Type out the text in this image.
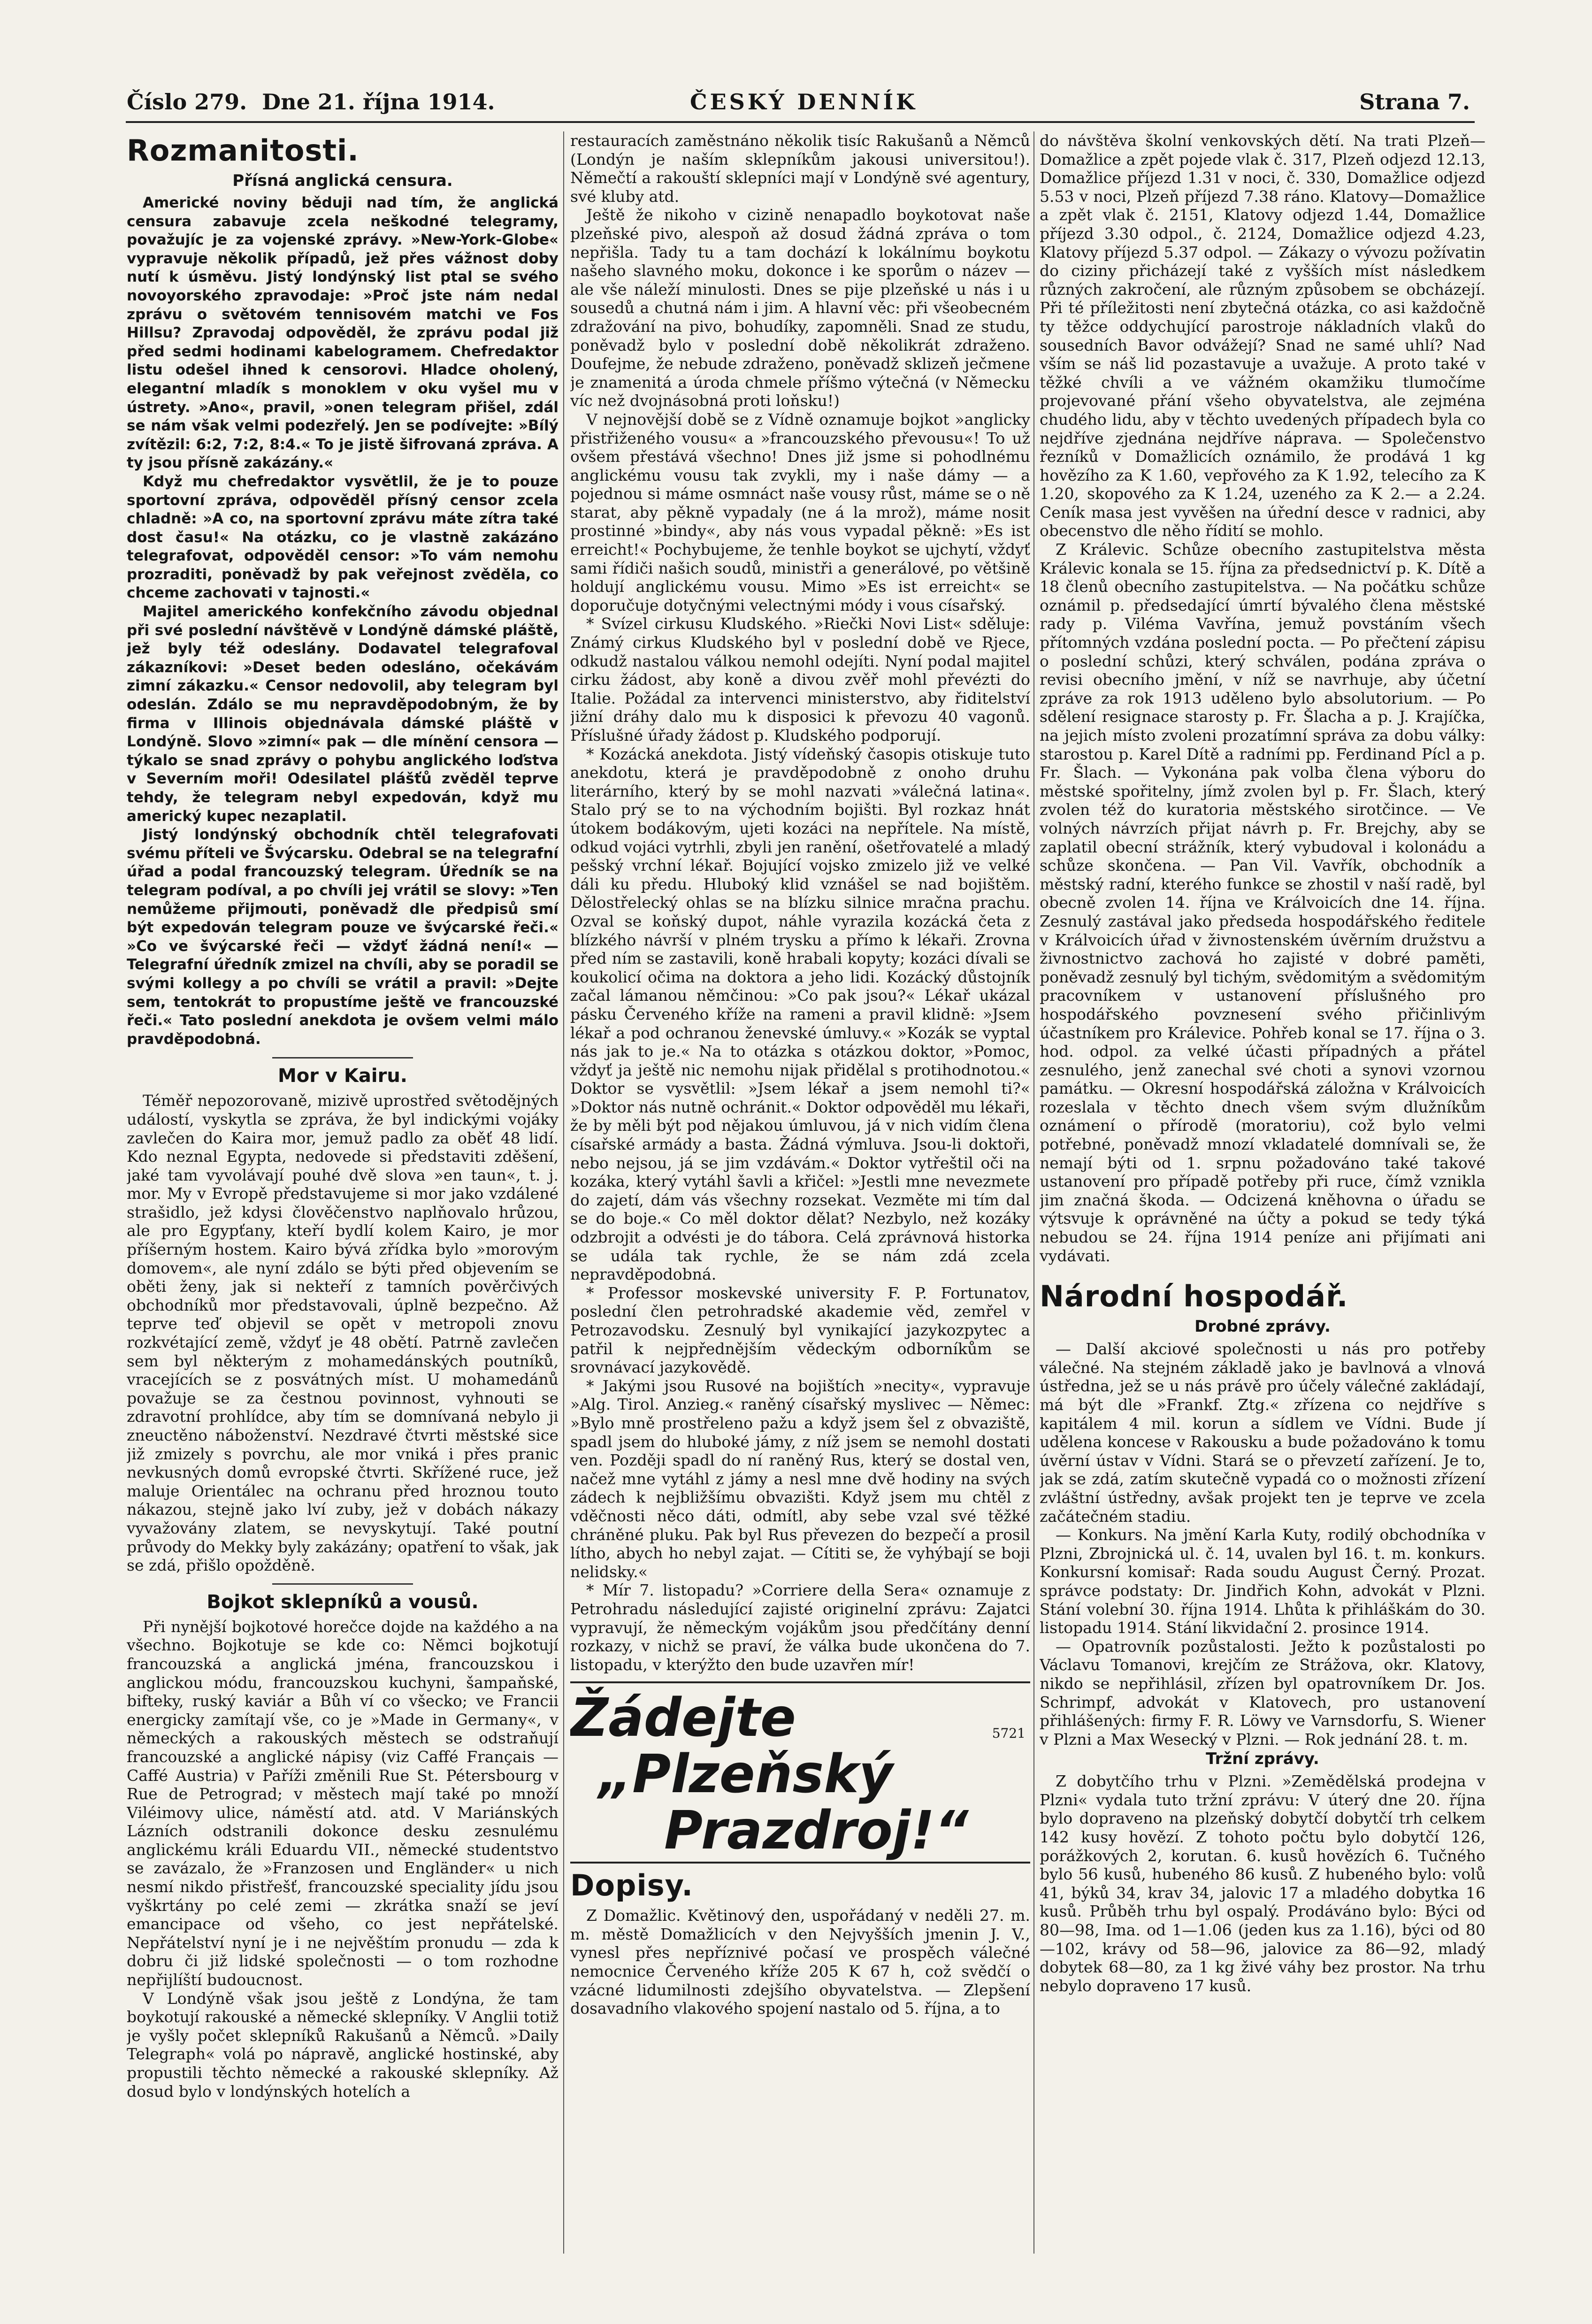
Číslo 279. Dne 21. října 1914.	ČESKÝ DENNÍK	Strana 7.
Rozmanitosti.
Přísná anglická censura.

Americké noviny běduji nad tím, že anglická censura zabavuje zcela neškodné telegramy, považujíc je za vojenské zprávy. »New-York-Globe« vypravuje několik případů, jež přes vážnost doby nutí k úsměvu. Jistý londýnský list ptal se svého novoyorského zpravodaje: »Proč jste nám nedal zprávu o světovém tennisovém matchi ve Fos Hillsu? Zpravodaj odpověděl, že zprávu podal již před sedmi hodinami kabelogramem. Chefredaktor listu odešel ihned k censorovi. Hladce oholený, elegantní mladík s monoklem v oku vyšel mu v ústrety. »Ano«, pravil, »onen telegram přišel, zdál se nám však velmi podezřelý. Jen se podívejte: »Bílý zvítězil: 6:2, 7:2, 8:4.« To je jistě šifrovaná zpráva. A ty jsou přísně zakázány.«

Když mu chefredaktor vysvětlil, že je to pouze sportovní zpráva, odpověděl přísný censor zcela chladně: »A co, na sportovní zprávu máte zítra také dost času!« Na otázku, co je vlastně zakázáno telegrafovat, odpověděl censor: »To vám nemohu prozraditi, poněvadž by pak veřejnost zvěděla, co chceme zachovati v tajnosti.«

Majitel amerického konfekčního závodu objednal při své poslední návštěvě v Londýně dámské pláště, jež byly též odeslány. Dodavatel telegrafoval zákazníkovi: »Deset beden odesláno, očekávám zimní zákazku.« Censor nedovolil, aby telegram byl odeslán. Zdálo se mu nepravděpodobným, že by firma v Illinois objednávala dámské pláště v Londýně. Slovo »zimní« pak — dle mínění censora — týkalo se snad zprávy o pohybu anglického loďstva v Severním moři! Odesilatel plášťů zvěděl teprve tehdy, že telegram nebyl expedován, když mu americký kupec nezaplatil.

Jistý londýnský obchodník chtěl telegrafovati svému příteli ve Švýcarsku. Odebral se na telegrafní úřad a podal francouzský telegram. Úředník se na telegram podíval, a po chvíli jej vrátil se slovy: »Ten nemůžeme přijmouti, poněvadž dle předpisů smí být expedován telegram pouze ve švýcarské řeči.« »Co ve švýcarské řeči — vždyť žádná není!« — Telegrafní úředník zmizel na chvíli, aby se poradil se svými kollegy a po chvíli se vrátil a pravil: »Dejte sem, tentokrát to propustíme ještě ve francouzské řeči.« Tato poslední anekdota je ovšem velmi málo pravděpodobná.

Mor v Kairu.

Téměř nepozorovaně, mizivě uprostřed světodějných událostí, vyskytla se zpráva, že byl indickými vojáky zavlečen do Kaira mor, jemuž padlo za oběť 48 lidí. Kdo neznal Egypta, nedovede si představiti zděšení, jaké tam vyvolávají pouhé dvě slova »en taun«, t. j. mor. My v Evropě představujeme si mor jako vzdálené strašidlo, jež kdysi člověčenstvo naplňovalo hrůzou, ale pro Egypťany, kteří bydlí kolem Kairo, je mor příšerným hostem. Kairo bývá zřídka bylo »morovým domovem«, ale nyní zdálo se býti před objevením se oběti ženy, jak si nekteří z tamních pověrčivých obchodníků mor představovali, úplně bezpečno. Až teprve teď objevil se opět v metropoli znovu rozkvétající země, vždyť je 48 obětí. Patrně zavlečen sem byl některým z mohamedánských poutníků, vracejících se z posvátných míst. U mohamedánů považuje se za čestnou povinnost, vyhnouti se zdravotní prohlídce, aby tím se domnívaná nebylo ji zneuctěno náboženství. Nezdravé čtvrti městské sice již zmizely s povrchu, ale mor vniká i přes pranic nevkusných domů evropské čtvrti. Skřížené ruce, jež maluje Orientálec na ochranu před hroznou touto nákazou, stejně jako lví zuby, jež v dobách nákazy vyvažovány zlatem, se nevyskytují. Také poutní průvody do Mekky byly zakázány; opatření to však, jak se zdá, přišlo opožděně.

Bojkot sklepníků a vousů.

Při nynější bojkotové horečce dojde na každého a na všechno. Bojkotuje se kde co: Němci bojkotují francouzská a anglická jména, francouzskou i anglickou módu, francouzskou kuchyni, šampaňské, bifteky, ruský kaviár a Bůh ví co všecko; ve Francii energicky zamítají vše, co je »Made in Germany«, v německých a rakouských městech se odstraňují francouzské a anglické nápisy (viz Caffé Français — Caffé Austria) v Paříži změnili Rue St. Pétersbourg v Rue de Petrograd; v městech mají také po množí Viléimovy ulice, náměstí atd. atd. V Mariánských Lázních odstranili dokonce desku zesnulému anglickému králi Eduardu VII., německé studentstvo se zavázalo, že »Franzosen und Engländer« u nich nesmí nikdo přistřešť, francouzské speciality jídu jsou vyškrtány po celé zemi — zkrátka snaží se jeví emancipace od všeho, co jest nepřátelské. Nepřátelství nyní je i ne nejvěštím pronudu — zda k dobru či již lidské společnosti — o tom rozhodne nepřijlíští budoucnost.

V Londýně však jsou ještě z Londýna, že tam boykotují rakouské a německé sklepníky. V Anglii totiž je vyšly počet sklepníků Rakušanů a Němců. »Daily Telegraph« volá po nápravě, anglické hostinské, aby propustili těchto německé a rakouské sklepníky. Až dosud bylo v londýnských hotelích a

restauracích zaměstnáno několik tisíc Rakušanů a Němců (Londýn je naším sklepníkům jakousi universitou!). Němečtí a rakouští sklepníci mají v Londýně své agentury, své kluby atd.

Ještě že nikoho v cizině nenapadlo boykotovat naše plzeňské pivo, alespoň až dosud žádná zpráva o tom nepřišla. Tady tu a tam dochází k lokálnímu boykotu našeho slavného moku, dokonce i ke sporům o název — ale vše náleží minulosti. Dnes se pije plzeňské u nás i u sousedů a chutná nám i jim. A hlavní věc: při všeobecném zdražování na pivo, bohudíky, zapomněli. Snad ze studu, poněvadž bylo v poslední době několikrát zdraženo. Doufejme, že nebude zdraženo, poněvadž sklizeň ječmene je znamenitá a úroda chmele příšmo výtečná (v Německu víc než dvojnásobná proti loňsku!)

V nejnovější době se z Vídně oznamuje bojkot »anglicky přistřiženého vousu« a »francouzského převousu«! To už ovšem přestává všechno! Dnes již jsme si pohodlnému anglickému vousu tak zvykli, my i naše dámy — a pojednou si máme osmnáct naše vousy růst, máme se o ně starat, aby pěkně vypadaly (ne á la mrož), máme nosit prostinné »bindy«, aby nás vous vypadal pěkně: »Es ist erreicht!« Pochybujeme, že tenhle boykot se ujchytí, vždyť sami řídiči našich soudů, ministři a generálové, po většině holdují anglickému vousu. Mimo »Es ist erreicht« se doporučuje dotyčnými velectnými módy i vous císařský.

* Svízel cirkusu Kludského. »Riečki Novi List« sděluje: Známý cirkus Kludského byl v poslední době ve Rjece, odkudž nastalou válkou nemohl odejíti. Nyní podal majitel cirku žádost, aby koně a divou zvěř mohl převézti do Italie. Požádal za intervenci ministerstvo, aby řiditelství jižní dráhy dalo mu k disposici k převozu 40 vagonů. Příslušné úřady žádost p. Kludského podporují.

* Kozácká anekdota. Jistý vídeňský časopis otiskuje tuto anekdotu, která je pravděpodobně z onoho druhu literárního, který by se mohl nazvati »válečná latina«. Stalo prý se to na východním bojišti. Byl rozkaz hnát útokem bodákovým, ujeti kozáci na nepřítele. Na místě, odkud vojáci vytrhli, zbyli jen ranění, ošetřovatelé a mladý pešský vrchní lékař. Bojující vojsko zmizelo již ve velké dáli ku předu. Hluboký klid vznášel se nad bojištěm. Dělostřelecký ohlas se na blízku silnice mračna prachu. Ozval se koňský dupot, náhle vyrazila kozácká četa z blízkého návrší v plném trysku a přímo k lékaři. Zrovna před ním se zastavili, koně hrabali kopyty; kozáci dívali se koukolicí očima na doktora a jeho lidi. Kozácký důstojník začal lámanou němčinou: »Co pak jsou?« Lékař ukázal pásku Červeného kříže na rameni a pravil klidně: »Jsem lékař a pod ochranou ženevské úmluvy.« »Kozák se vyptal nás jak to je.« Na to otázka s otázkou doktor, »Pomoc, vždyť ja ještě nic nemohu nijak přidělal s protihodnotou.« Doktor se vysvětlil: »Jsem lékař a jsem nemohl ti?« »Doktor nás nutně ochránit.« Doktor odpověděl mu lékaři, že by měli být pod nějakou úmluvou, já v nich vidím člena císařské armády a basta. Žádná výmluva. Jsou-li doktoři, nebo nejsou, já se jim vzdávám.« Doktor vytřeštil oči na kozáka, který vytáhl šavli a křičel: »Jestli mne nevezmete do zajetí, dám vás všechny rozsekat. Vezměte mi tím dal se do boje.« Co měl doktor dělat? Nezbylo, než kozáky odzbrojit a odvésti je do tábora. Celá zprávnová historka se udála tak rychle, že se nám zdá zcela nepravděpodobná.

* Professor moskevské university F. P. Fortunatov, poslední člen petrohradské akademie věd, zemřel v Petrozavodsku. Zesnulý byl vynikající jazykozpytec a patřil k nejpřednějším vědeckým odborníkům se srovnávací jazykovědě.

* Jakými jsou Rusové na bojištích »necity«, vypravuje »Alg. Tirol. Anzieg.« raněný císařský myslivec — Němec: »Bylo mně prostřeleno pažu a když jsem šel z obvaziště, spadl jsem do hluboké jámy, z níž jsem se nemohl dostati ven. Později spadl do ní raněný Rus, který se dostal ven, načež mne vytáhl z jámy a nesl mne dvě hodiny na svých zádech k nejbližšímu obvazišti. Když jsem mu chtěl z vděčnosti něco dáti, odmítl, aby sebe vzal své těžké chráněné pluku. Pak byl Rus převezen do bezpečí a prosil lítho, abych ho nebyl zajat. — Cítiti se, že vyhýbají se boji nelidsky.«

* Mír 7. listopadu? »Corriere della Sera« oznamuje z Petrohradu následující zajisté originelní zprávu: Zajatci vypravují, že německým vojákům jsou předčítány denní rozkazy, v nichž se praví, že válka bude ukončena do 7. listopadu, v kterýžto den bude uzavřen mír!

Žádejte
„Plzeňský
Prazdroj!“
5721
Dopisy.

Z Domažlic. Květinový den, uspořádaný v neděli 27. m. m. městě Domažlicích v den Nejvyšších jmenin J. V., vynesl přes nepříznivé počasí ve prospěch válečné nemocnice Červeného kříže 205 K 67 h, což svědčí o vzácné lidumilnosti zdejšího obyvatelstva. — Zlepšení dosavadního vlakového spojení nastalo od 5. října, a to

do návštěva školní venkovských dětí. Na trati Plzeň—Domažlice a zpět pojede vlak č. 317, Plzeň odjezd 12.13, Domažlice příjezd 1.31 v noci, č. 330, Domažlice odjezd 5.53 v noci, Plzeň příjezd 7.38 ráno. Klatovy—Domažlice a zpět vlak č. 2151, Klatovy odjezd 1.44, Domažlice příjezd 3.30 odpol., č. 2124, Domažlice odjezd 4.23, Klatovy příjezd 5.37 odpol. — Zákazy o vývozu požívatin do ciziny přicházejí také z vyšších míst následkem různých zakročení, ale různým způsobem se obcházejí. Při té příležitosti není zbytečná otázka, co asi každočně ty těžce oddychující parostroje nákladních vlaků do sousedních Bavor odvážejí? Snad ne samé uhlí? Nad vším se náš lid pozastavuje a uvažuje. A proto také v těžké chvíli a ve vážném okamžiku tlumočíme projevované přání všeho obyvatelstva, ale zejména chudého lidu, aby v těchto uvedených případech byla co nejdříve zjednána nejdříve náprava. — Společenstvo řezníků v Domažlicích oznámilo, že prodává 1 kg hovězího za K 1.60, vepřového za K 1.92, telecího za K 1.20, skopového za K 1.24, uzeného za K 2.— a 2.24. Ceník masa jest vyvěšen na úřední desce v radnici, aby obecenstvo dle něho řídití se mohlo.

Z Králevic. Schůze obecního zastupitelstva města Králevic konala se 15. října za předsednictví p. K. Dítě a 18 členů obecního zastupitelstva. — Na počátku schůze oznámil p. předsedající úmrtí bývalého člena městské rady p. Viléma Vavřína, jemuž povstáním všech přítomných vzdána poslední pocta. — Po přečtení zápisu o poslední schůzi, který schválen, podána zpráva o revisi obecního jmění, v níž se navrhuje, aby účetní zpráve za rok 1913 uděleno bylo absolutorium. — Po sdělení resignace starosty p. Fr. Šlacha a p. J. Krajíčka, na jejich místo zvoleni prozatímní správa za dobu války: starostou p. Karel Dítě a radními pp. Ferdinand Pícl a p. Fr. Šlach. — Vykonána pak volba člena výboru do městské spořitelny, jímž zvolen byl p. Fr. Šlach, který zvolen též do kuratoria městského sirotčince. — Ve volných návrzích přijat návrh p. Fr. Brejchy, aby se zaplatil obecní strážník, který vybudoval i kolonádu a schůze skončena. — Pan Vil. Vavřík, obchodník a městský radní, kterého funkce se zhostil v naší radě, byl obecně zvolen 14. října ve Králvoicích dne 14. října. Zesnulý zastával jako předseda hospodářského ředitele v Králvoicích úřad v živnostenském úvěrním družstvu a živnostnictvo zachová ho zajisté v dobré paměti, poněvadž zesnulý byl tichým, svědomitým a svědomitým pracovníkem v ustanovení příslušného pro hospodářského povznesení svého přičinlivým účastníkem pro Králevice. Pohřeb konal se 17. října o 3. hod. odpol. za velké účasti případných a přátel zesnulého, jenž zanechal své choti a synovi vzornou památku. — Okresní hospodářská záložna v Králvoicích rozeslala v těchto dnech všem svým dlužníkům oznámení o přírodě (moratoriu), což bylo velmi potřebné, poněvadž mnozí vkladatelé domnívali se, že nemají býti od 1. srpnu požadováno také takové ustanovení pro případě potřeby při ruce, čímž vznikla jim značná škoda. — Odcizená kněhovna o úřadu se výtsvuje k oprávněné na účty a pokud se tedy týká nebudou se 24. října 1914 peníze ani přijímati ani vydávati.

Národní hospodář.
Drobné zprávy.

— Další akciové společnosti u nás pro potřeby válečné. Na stejném základě jako je bavlnová a vlnová ústředna, jež se u nás právě pro účely válečné zakládají, má být dle »Frankf. Ztg.« zřízena co nejdříve s kapitálem 4 mil. korun a sídlem ve Vídni. Bude jí udělena koncese v Rakousku a bude požadováno k tomu úvěrní ústav v Vídni. Stará se o převzetí zařízení. Je to, jak se zdá, zatím skutečně vypadá co o možnosti zřízení zvláštní ústředny, avšak projekt ten je teprve ve zcela začátečném stadiu.

— Konkurs. Na jmění Karla Kuty, rodilý obchodníka v Plzni, Zbrojnická ul. č. 14, uvalen byl 16. t. m. konkurs. Konkursní komisař: Rada soudu August Černý. Prozat. správce podstaty: Dr. Jindřich Kohn, advokát v Plzni. Stání volební 30. října 1914. Lhůta k přihláškám do 30. listopadu 1914. Stání likvidační 2. prosince 1914.

— Opatrovník pozůstalosti. Ježto k pozůstalosti po Václavu Tomanovi, krejčím ze Strážova, okr. Klatovy, nikdo se nepřihlásil, zřízen byl opatrovníkem Dr. Jos. Schrimpf, advokát v Klatovech, pro ustanovení přihlášených: firmy F. R. Löwy ve Varnsdorfu, S. Wiener v Plzni a Max Wesecký v Plzni. — Rok jednání 28. t. m.

Tržní zprávy.

Z dobytčího trhu v Plzni. »Zemědělská prodejna v Plzni« vydala tuto tržní zprávu: V úterý dne 20. října bylo dopraveno na plzeňský dobytčí dobytčí trh celkem 142 kusy hovězí. Z tohoto počtu bylo dobytčí 126, porážkových 2, korutan. 6. kusů hovězích 6. Tučného bylo 56 kusů, hubeného 86 kusů. Z hubeného bylo: volů 41, býků 34, krav 34, jalovic 17 a mladého dobytka 16 kusů. Průběh trhu byl ospalý. Prodáváno bylo: Býci od 80—98, Ima. od 1—1.06 (jeden kus za 1.16), býci od 80—102, krávy od 58—96, jalovice za 86—92, mladý dobytek 68—80, za 1 kg živé váhy bez prostor. Na trhu nebylo dopraveno 17 kusů.
